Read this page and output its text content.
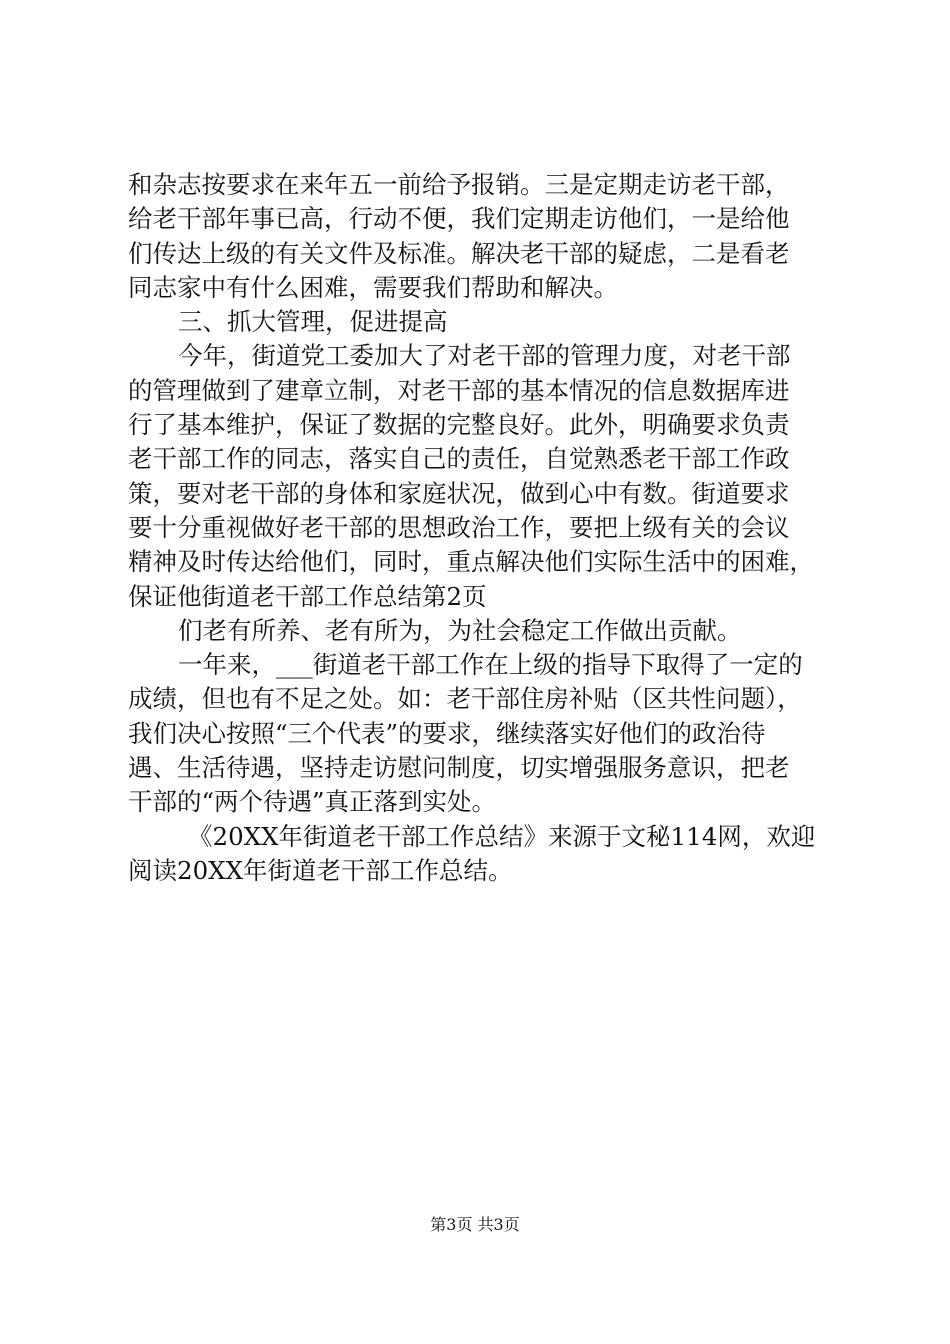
和杂志按要求在来年五一前给予报销。三是定期走访老干部，
给老干部年事已高，行动不便，我们定期走访他们，一是给他
们传达上级的有关文件及标准。解决老干部的疑虑，二是看老
同志家中有什么困难，需要我们帮助和解决。
三、抓大管理，促进提高
今年，街道党工委加大了对老干部的管理力度，对老干部
的管理做到了建章立制，对老干部的基本情况的信息数据库进
行了基本维护，保证了数据的完整良好。此外，明确要求负责
老干部工作的同志，落实自己的责任，自觉熟悉老干部工作政
策，要对老干部的身体和家庭状况，做到心中有数。街道要求
要十分重视做好老干部的思想政治工作，要把上级有关的会议
精神及时传达给他们，同时，重点解决他们实际生活中的困难，
保证他街道老干部工作总结第2页
们老有所养、老有所为，为社会稳定工作做出贡献。
一年来，___街道老干部工作在上级的指导下取得了一定的
成绩，但也有不足之处。如：老干部住房补贴（区共性问题），
我们决心按照“三个代表”的要求，继续落实好他们的政治待
遇、生活待遇，坚持走访慰问制度，切实增强服务意识，把老
干部的“两个待遇”真正落到实处。
《20XX年街道老干部工作总结》来源于文秘114网，欢迎
阅读20XX年街道老干部工作总结。
第3页 共3页
